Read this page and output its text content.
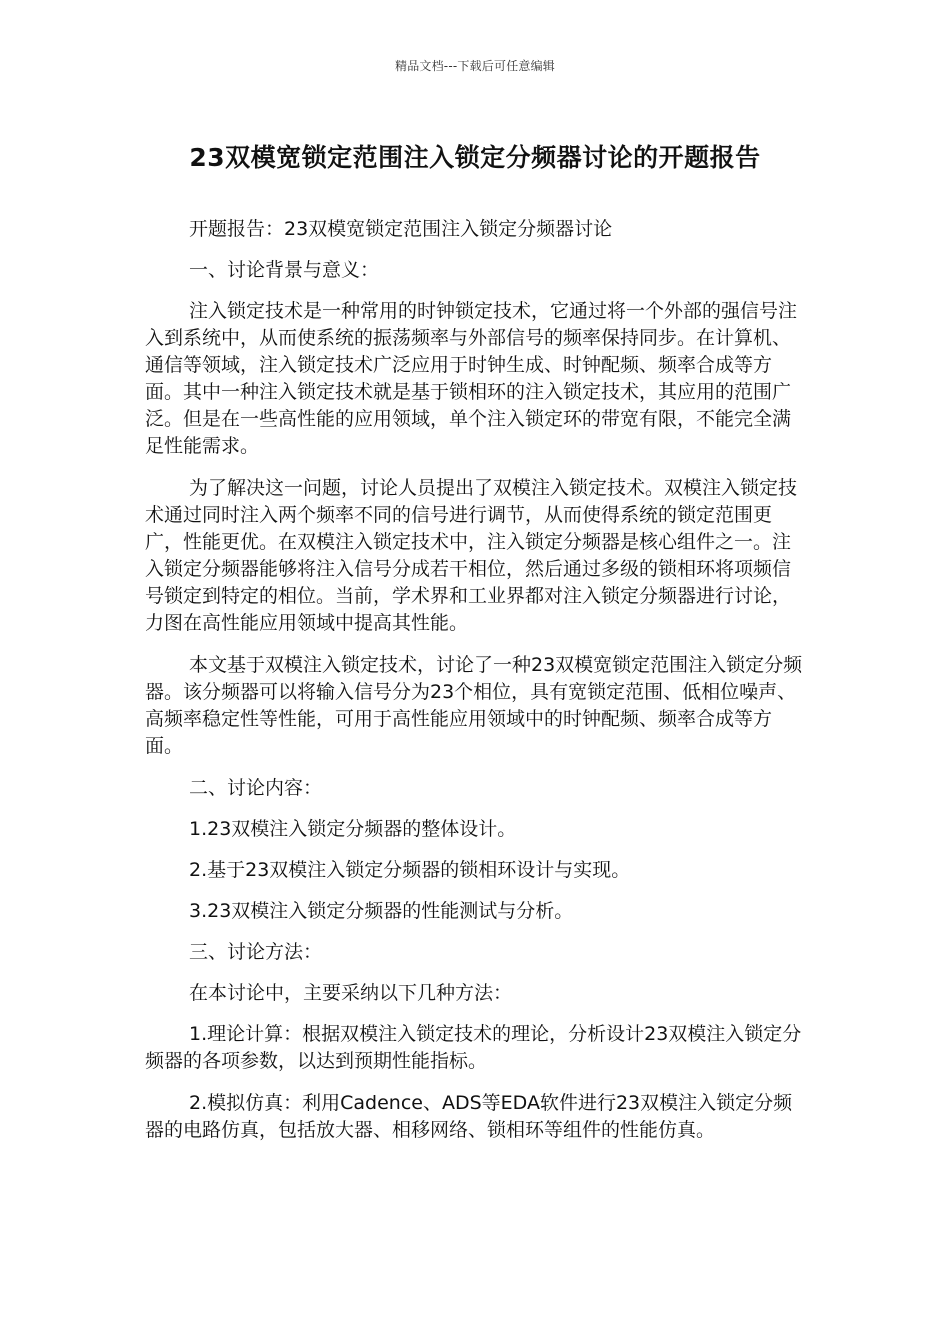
精品文档---下载后可任意编辑
23双模宽锁定范围注入锁定分频器讨论的开题报告

开题报告：23双模宽锁定范围注入锁定分频器讨论

一、讨论背景与意义：

注入锁定技术是一种常用的时钟锁定技术，它通过将一个外部的强信号注入到系统中，从而使系统的振荡频率与外部信号的频率保持同步。在计算机、通信等领域，注入锁定技术广泛应用于时钟生成、时钟配频、频率合成等方面。其中一种注入锁定技术就是基于锁相环的注入锁定技术，其应用的范围广泛。但是在一些高性能的应用领域，单个注入锁定环的带宽有限，不能完全满足性能需求。

为了解决这一问题，讨论人员提出了双模注入锁定技术。双模注入锁定技术通过同时注入两个频率不同的信号进行调节，从而使得系统的锁定范围更广，性能更优。在双模注入锁定技术中，注入锁定分频器是核心组件之一。注入锁定分频器能够将注入信号分成若干相位，然后通过多级的锁相环将项频信号锁定到特定的相位。当前，学术界和工业界都对注入锁定分频器进行讨论，力图在高性能应用领域中提高其性能。

本文基于双模注入锁定技术，讨论了一种23双模宽锁定范围注入锁定分频器。该分频器可以将输入信号分为23个相位，具有宽锁定范围、低相位噪声、高频率稳定性等性能，可用于高性能应用领域中的时钟配频、频率合成等方面。

二、讨论内容：

1.23双模注入锁定分频器的整体设计。

2.基于23双模注入锁定分频器的锁相环设计与实现。

3.23双模注入锁定分频器的性能测试与分析。

三、讨论方法：

在本讨论中，主要采纳以下几种方法：

1.理论计算：根据双模注入锁定技术的理论，分析设计23双模注入锁定分频器的各项参数，以达到预期性能指标。

2.模拟仿真：利用Cadence、ADS等EDA软件进行23双模注入锁定分频器的电路仿真，包括放大器、相移网络、锁相环等组件的性能仿真。
